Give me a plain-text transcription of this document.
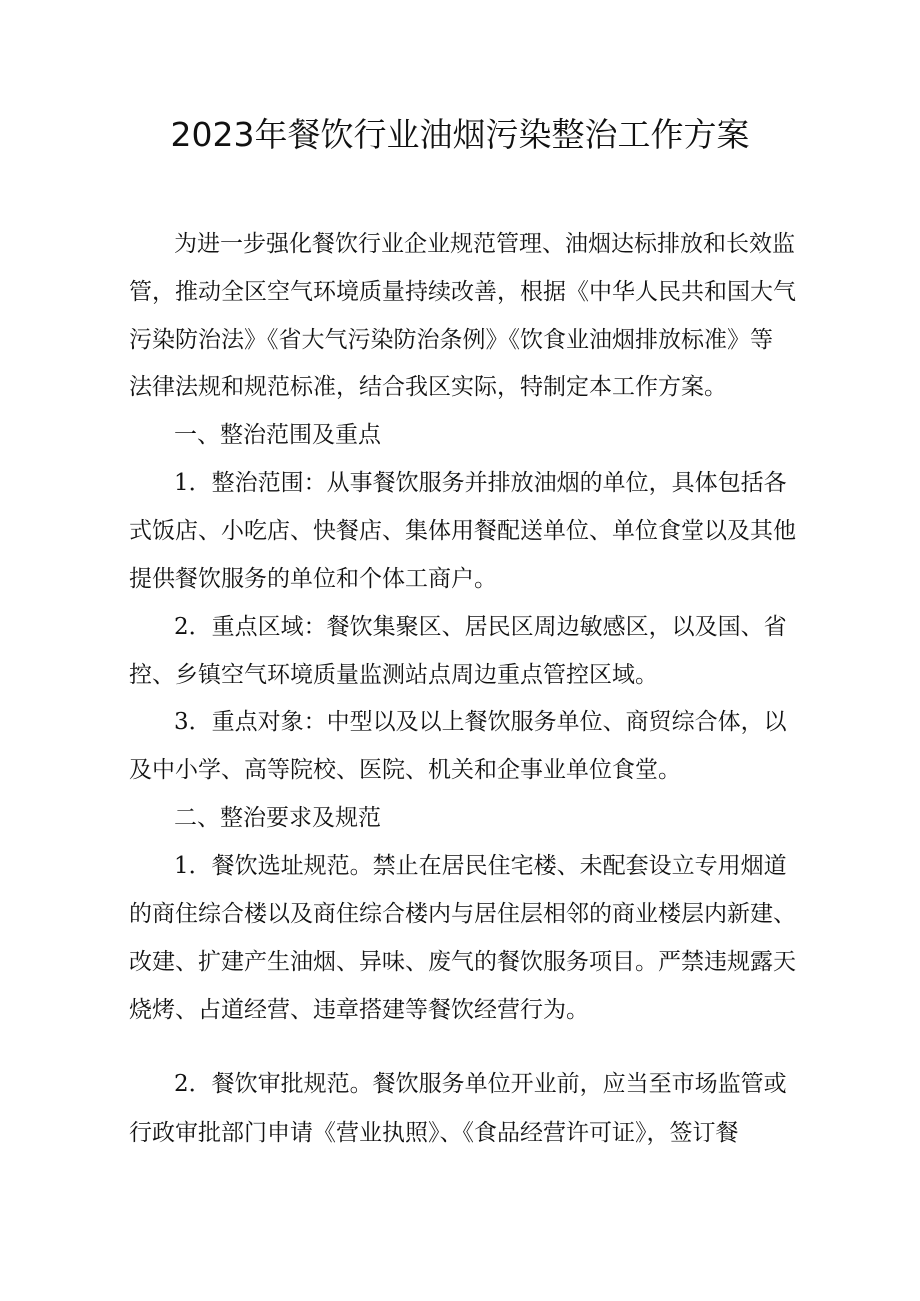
2023年餐饮行业油烟污染整治工作方案

为进一步强化餐饮行业企业规范管理、油烟达标排放和长效监

管，推动全区空气环境质量持续改善，根据《中华人民共和国大气

污染防治法》《省大气污染防治条例》《饮食业油烟排放标准》等

法律法规和规范标准，结合我区实际，特制定本工作方案。

一、整治范围及重点

1．整治范围：从事餐饮服务并排放油烟的单位，具体包括各

式饭店、小吃店、快餐店、集体用餐配送单位、单位食堂以及其他

提供餐饮服务的单位和个体工商户。

2．重点区域：餐饮集聚区、居民区周边敏感区，以及国、省

控、乡镇空气环境质量监测站点周边重点管控区域。

3．重点对象：中型以及以上餐饮服务单位、商贸综合体，以

及中小学、高等院校、医院、机关和企事业单位食堂。

二、整治要求及规范

1．餐饮选址规范。禁止在居民住宅楼、未配套设立专用烟道

的商住综合楼以及商住综合楼内与居住层相邻的商业楼层内新建、

改建、扩建产生油烟、异味、废气的餐饮服务项目。严禁违规露天

烧烤、占道经营、违章搭建等餐饮经营行为。

2．餐饮审批规范。餐饮服务单位开业前，应当至市场监管或

行政审批部门申请《营业执照》、《食品经营许可证》，签订餐
